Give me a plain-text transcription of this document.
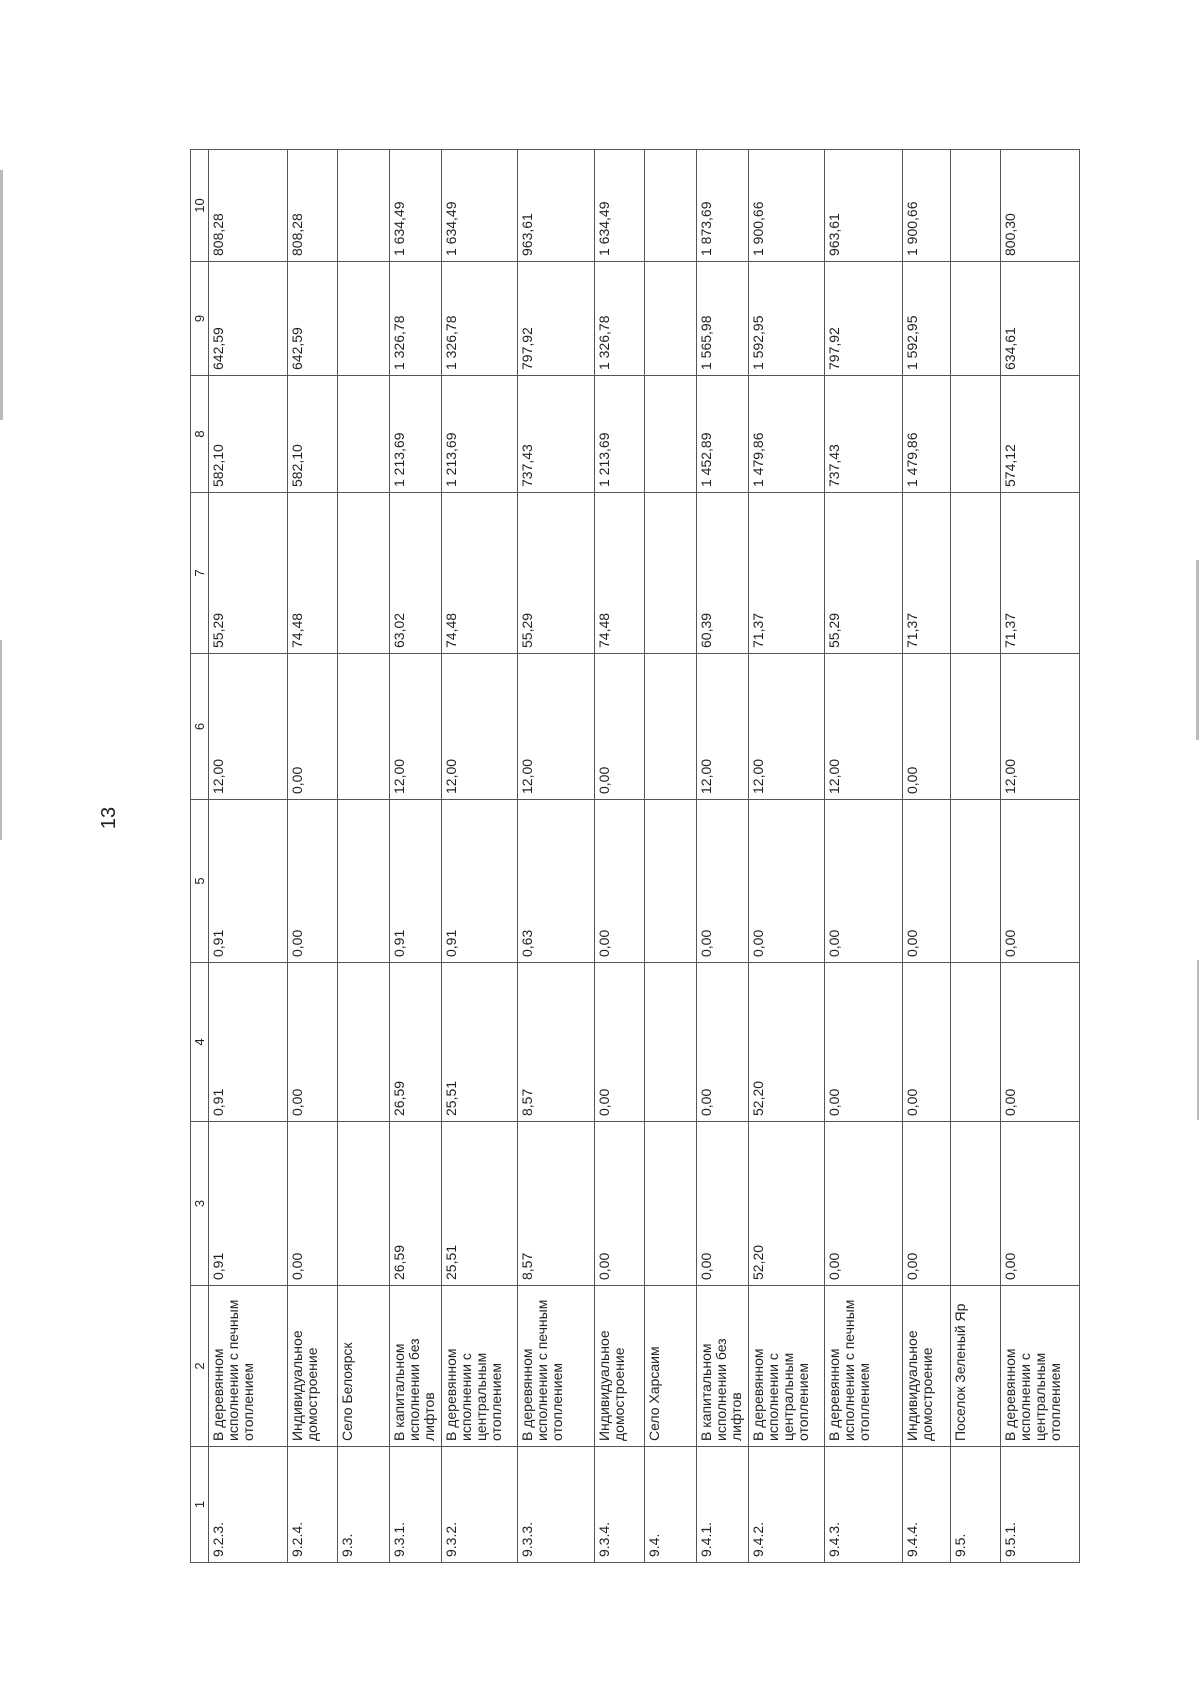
13
1	2	3	4	5	6	7	8	9	10
9.2.3.	В деревянном исполнении с печным отоплением	0,91	0,91	0,91	12,00	55,29	582,10	642,59	808,28
9.2.4.	Индивидуальное домостроение	0,00	0,00	0,00	0,00	74,48	582,10	642,59	808,28
9.3.	Село Белоярск								
9.3.1.	В капитальном исполнении без лифтов	26,59	26,59	0,91	12,00	63,02	1 213,69	1 326,78	1 634,49
9.3.2.	В деревянном исполнении с центральным отоплением	25,51	25,51	0,91	12,00	74,48	1 213,69	1 326,78	1 634,49
9.3.3.	В деревянном исполнении с печным отоплением	8,57	8,57	0,63	12,00	55,29	737,43	797,92	963,61
9.3.4.	Индивидуальное домостроение	0,00	0,00	0,00	0,00	74,48	1 213,69	1 326,78	1 634,49
9.4.	Село Харсаим								
9.4.1.	В капитальном исполнении без лифтов	0,00	0,00	0,00	12,00	60,39	1 452,89	1 565,98	1 873,69
9.4.2.	В деревянном исполнении с центральным отоплением	52,20	52,20	0,00	12,00	71,37	1 479,86	1 592,95	1 900,66
9.4.3.	В деревянном исполнении с печным отоплением	0,00	0,00	0,00	12,00	55,29	737,43	797,92	963,61
9.4.4.	Индивидуальное домостроение	0,00	0,00	0,00	0,00	71,37	1 479,86	1 592,95	1 900,66
9.5.	Поселок Зеленый Яр								
9.5.1.	В деревянном исполнении с центральным отоплением	0,00	0,00	0,00	12,00	71,37	574,12	634,61	800,30
